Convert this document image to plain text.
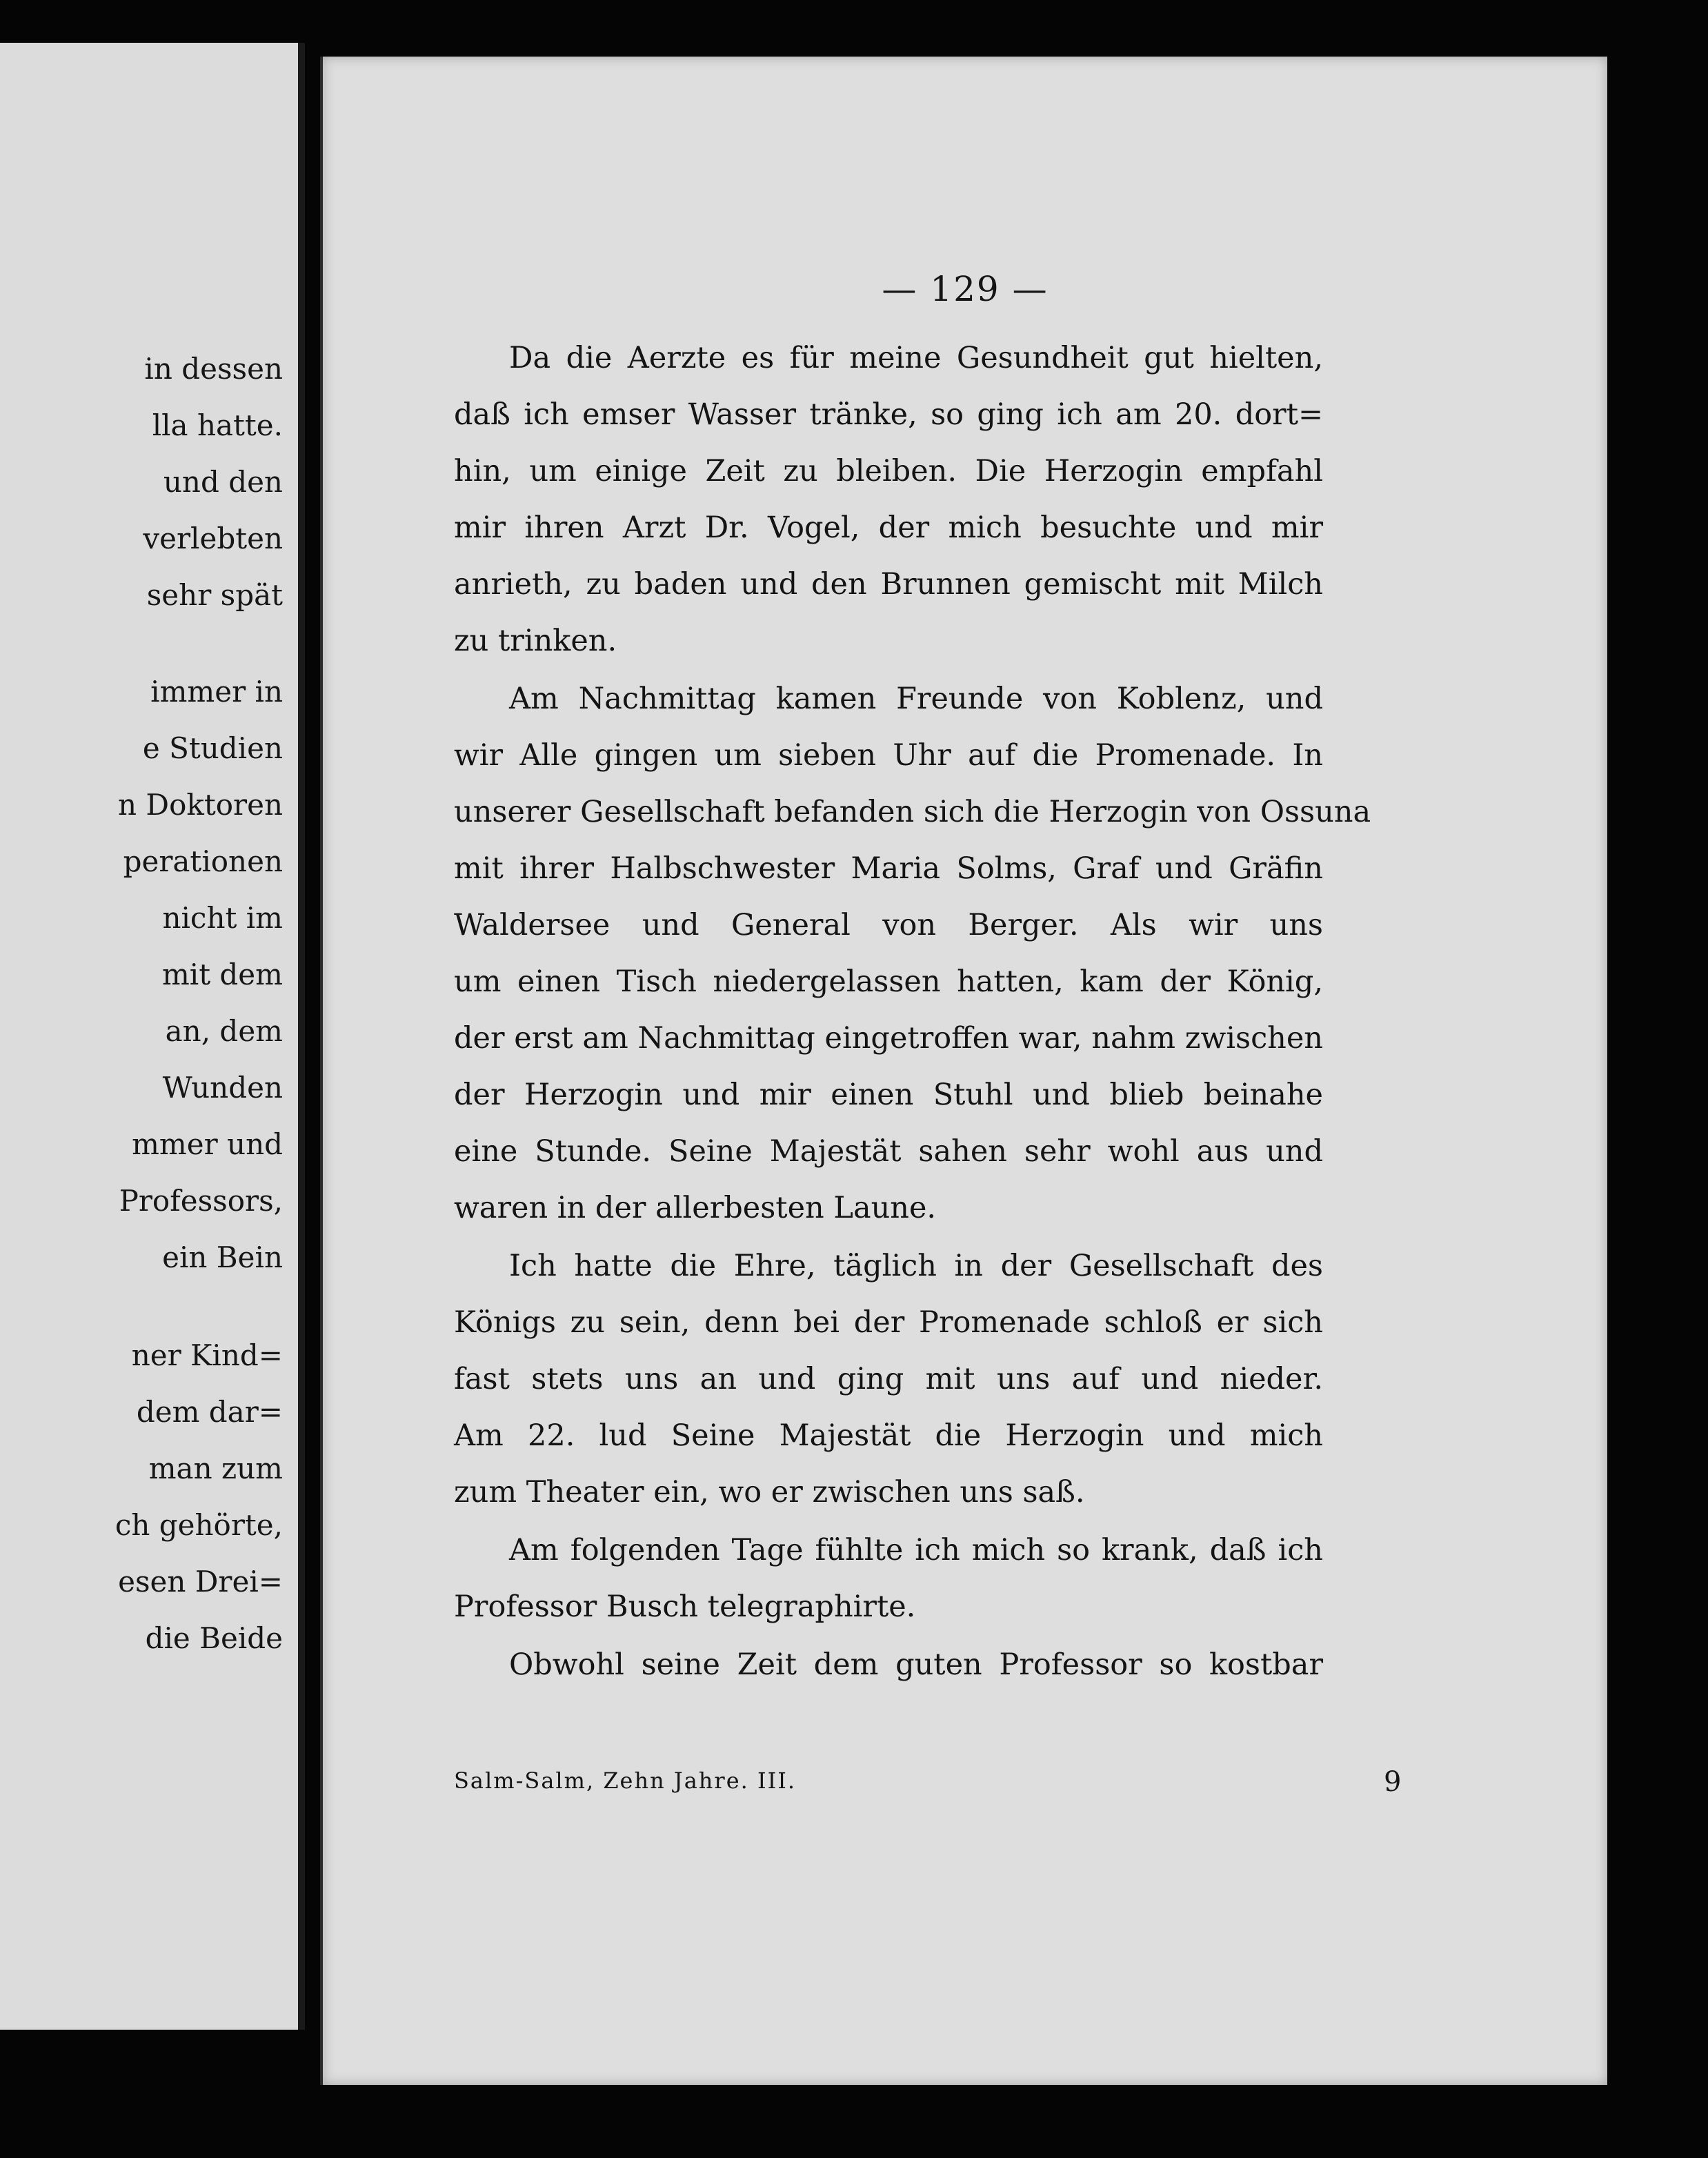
in dessen
lla hatte.
und den
verlebten
sehr spät
immer in
e Studien
n Doktoren
perationen
nicht im
mit dem
an, dem
Wunden
mmer und
Professors,
ein Bein
ner Kind=
dem dar=
man zum
ch gehörte,
esen Drei=
die Beide
— 129 —
Da die Aerzte es für meine Gesundheit gut hielten,
daß ich emser Wasser tränke, so ging ich am 20. dort=
hin, um einige Zeit zu bleiben. Die Herzogin empfahl
mir ihren Arzt Dr. Vogel, der mich besuchte und mir
anrieth, zu baden und den Brunnen gemischt mit Milch
zu trinken.
Am Nachmittag kamen Freunde von Koblenz, und
wir Alle gingen um sieben Uhr auf die Promenade. In
unserer Gesellschaft befanden sich die Herzogin von Ossuna
mit ihrer Halbschwester Maria Solms, Graf und Gräfin
Waldersee und General von Berger. Als wir uns
um einen Tisch niedergelassen hatten, kam der König,
der erst am Nachmittag eingetroffen war, nahm zwischen
der Herzogin und mir einen Stuhl und blieb beinahe
eine Stunde. Seine Majestät sahen sehr wohl aus und
waren in der allerbesten Laune.
Ich hatte die Ehre, täglich in der Gesellschaft des
Königs zu sein, denn bei der Promenade schloß er sich
fast stets uns an und ging mit uns auf und nieder.
Am 22. lud Seine Majestät die Herzogin und mich
zum Theater ein, wo er zwischen uns saß.
Am folgenden Tage fühlte ich mich so krank, daß ich
Professor Busch telegraphirte.
Obwohl seine Zeit dem guten Professor so kostbar
Salm-Salm, Zehn Jahre. III.	9
